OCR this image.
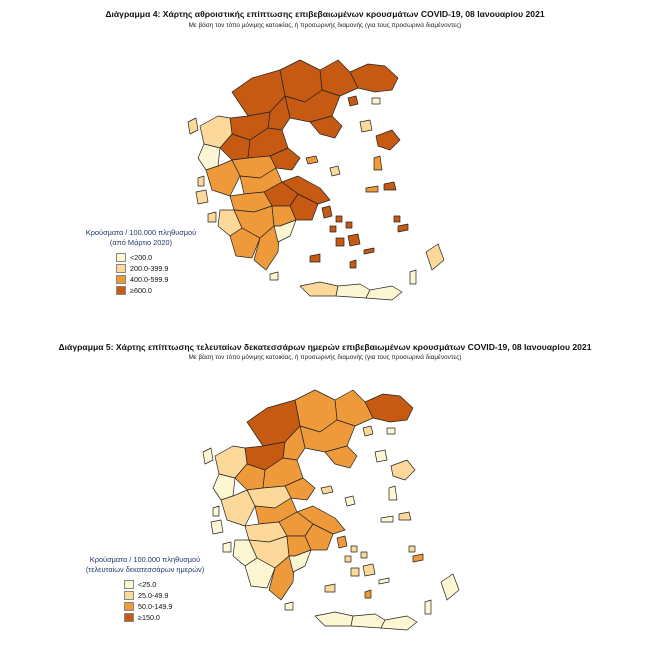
Διάγραμμα 4: Χάρτης αθροιστικής επίπτωσης επιβεβαιωμένων κρουσμάτων COVID-19, 08 Ιανουαρίου 2021
Με βάση τον τόπο μόνιμης κατοικίας, ή προσωρινής διαμονής (για τους προσωρινά διαμένοντες)
Κρούσματα / 100.000 πληθυσμού
(από Μάρτιο 2020)
<200.0
200.0-399.9
400.0-599.9
≥600.0
Διάγραμμα 5: Χάρτης επίπτωσης τελευταίων δεκατεσσάρων ημερών επιβεβαιωμένων κρουσμάτων COVID-19, 08 Ιανουαρίου 2021
Με βάση τον τόπο μόνιμης κατοικίας, ή προσωρινής διαμονής (για τους προσωρινά διαμένοντες)
Κρούσματα / 100.000 πληθυσμού
(τελευταίων δεκατεσσάρων ημερών)
<25.0
25.0-49.9
50.0-149.9
≥150.0
